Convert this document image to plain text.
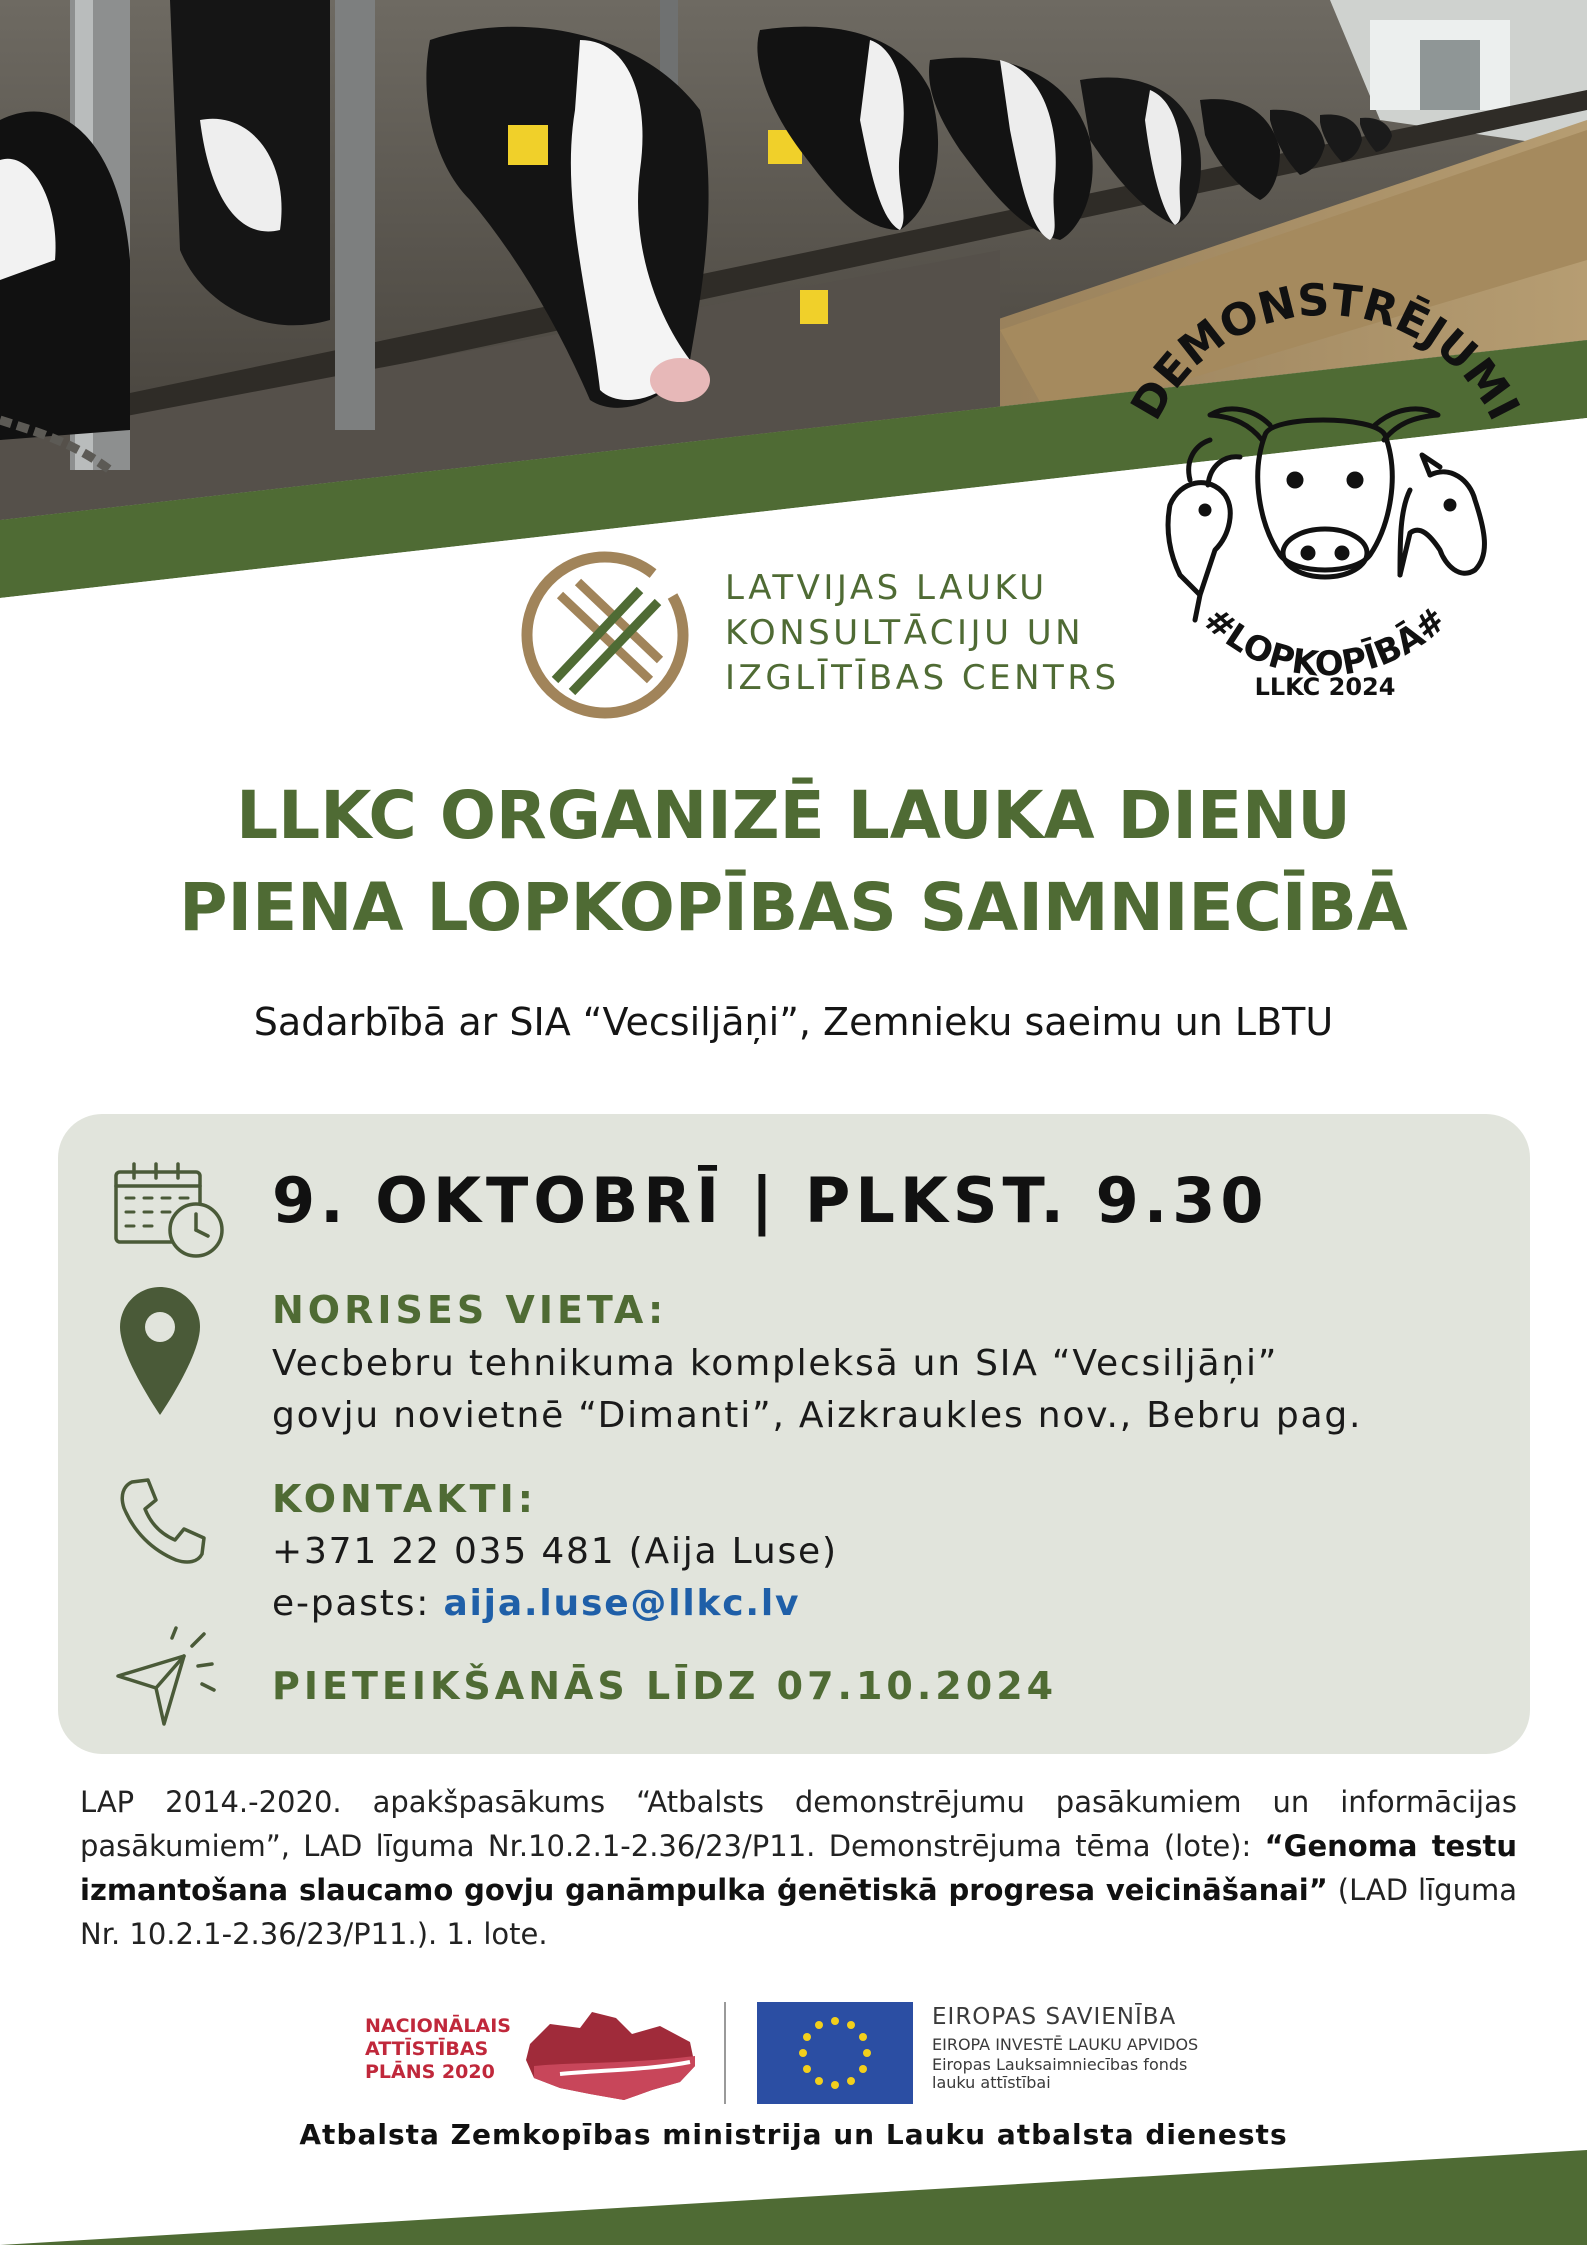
LATVIJAS LAUKU
KONSULTĀCIJU UN
IZGLĪTĪBAS CENTRS
DEMONSTRĒJUMI
#LOPKOPĪBĀ#
LLKC 2024
LLKC ORGANIZĒ LAUKA DIENU
PIENA LOPKOPĪBAS SAIMNIECĪBĀ
Sadarbībā ar SIA “Vecsiljāņi”, Zemnieku saeimu un LBTU
9. OKTOBRĪ | PLKST. 9.30
NORISES VIETA:
Vecbebru tehnikuma kompleksā un SIA “Vecsiljāņi”
govju novietnē “Dimanti”, Aizkraukles nov., Bebru pag.
KONTAKTI:
+371 22 035 481 (Aija Luse)
e-pasts: aija.luse@llkc.lv
PIETEIKŠANĀS LĪDZ 07.10.2024
LAP 2014.-2020. apakšpasākums “Atbalsts demonstrējumu pasākumiem un informācijas pasākumiem”, LAD līguma Nr.10.2.1-2.36/23/P11. Demonstrējuma tēma (lote): “Genoma testu izmantošana slaucamo govju ganāmpulka ģenētiskā progresa veicināšanai” (LAD līguma Nr. 10.2.1-2.36/23/P11.). 1. lote.
NACIONĀLAIS
ATTĪSTĪBAS
PLĀNS 2020
EIROPAS SAVIENĪBA
EIROPA INVESTĒ LAUKU APVIDOS
Eiropas Lauksaimniecības fonds
lauku attīstībai
Atbalsta Zemkopības ministrija un Lauku atbalsta dienests
